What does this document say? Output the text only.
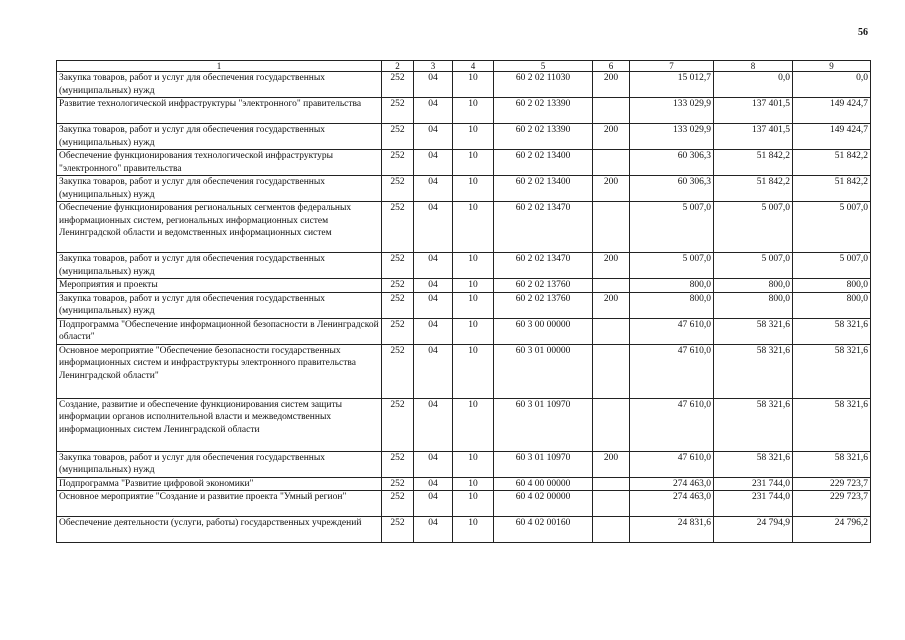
56
1	2	3	4	5	6	7	8	9
Закупка товаров, работ и услуг для обеспечения государственных (муниципальных) нужд	252	04	10	60 2 02 11030	200	15 012,7	0,0	0,0
Развитие технологической инфраструктуры "электронного" правительства	252	04	10	60 2 02 13390		133 029,9	137 401,5	149 424,7
Закупка товаров, работ и услуг для обеспечения государственных (муниципальных) нужд	252	04	10	60 2 02 13390	200	133 029,9	137 401,5	149 424,7
Обеспечение функционирования технологической инфраструктуры "электронного" правительства	252	04	10	60 2 02 13400		60 306,3	51 842,2	51 842,2
Закупка товаров, работ и услуг для обеспечения государственных (муниципальных) нужд	252	04	10	60 2 02 13400	200	60 306,3	51 842,2	51 842,2
Обеспечение функционирования региональных сегментов федеральных информационных систем, региональных информационных систем Ленинградской области и ведомственных информационных систем	252	04	10	60 2 02 13470		5 007,0	5 007,0	5 007,0
Закупка товаров, работ и услуг для обеспечения государственных (муниципальных) нужд	252	04	10	60 2 02 13470	200	5 007,0	5 007,0	5 007,0
Мероприятия и проекты	252	04	10	60 2 02 13760		800,0	800,0	800,0
Закупка товаров, работ и услуг для обеспечения государственных (муниципальных) нужд	252	04	10	60 2 02 13760	200	800,0	800,0	800,0
Подпрограмма "Обеспечение информационной безопасности в Ленинградской области"	252	04	10	60 3 00 00000		47 610,0	58 321,6	58 321,6
Основное мероприятие "Обеспечение безопасности государственных информационных систем и инфраструктуры электронного правительства Ленинградской области"	252	04	10	60 3 01 00000		47 610,0	58 321,6	58 321,6
Создание, развитие и обеспечение функционирования систем защиты информации органов исполнительной власти и межведомственных информационных систем Ленинградской области	252	04	10	60 3 01 10970		47 610,0	58 321,6	58 321,6
Закупка товаров, работ и услуг для обеспечения государственных (муниципальных) нужд	252	04	10	60 3 01 10970	200	47 610,0	58 321,6	58 321,6
Подпрограмма "Развитие цифровой экономики"	252	04	10	60 4 00 00000		274 463,0	231 744,0	229 723,7
Основное мероприятие "Создание и развитие проекта "Умный регион"	252	04	10	60 4 02 00000		274 463,0	231 744,0	229 723,7
Обеспечение деятельности (услуги, работы) государственных учреждений	252	04	10	60 4 02 00160		24 831,6	24 794,9	24 796,2
